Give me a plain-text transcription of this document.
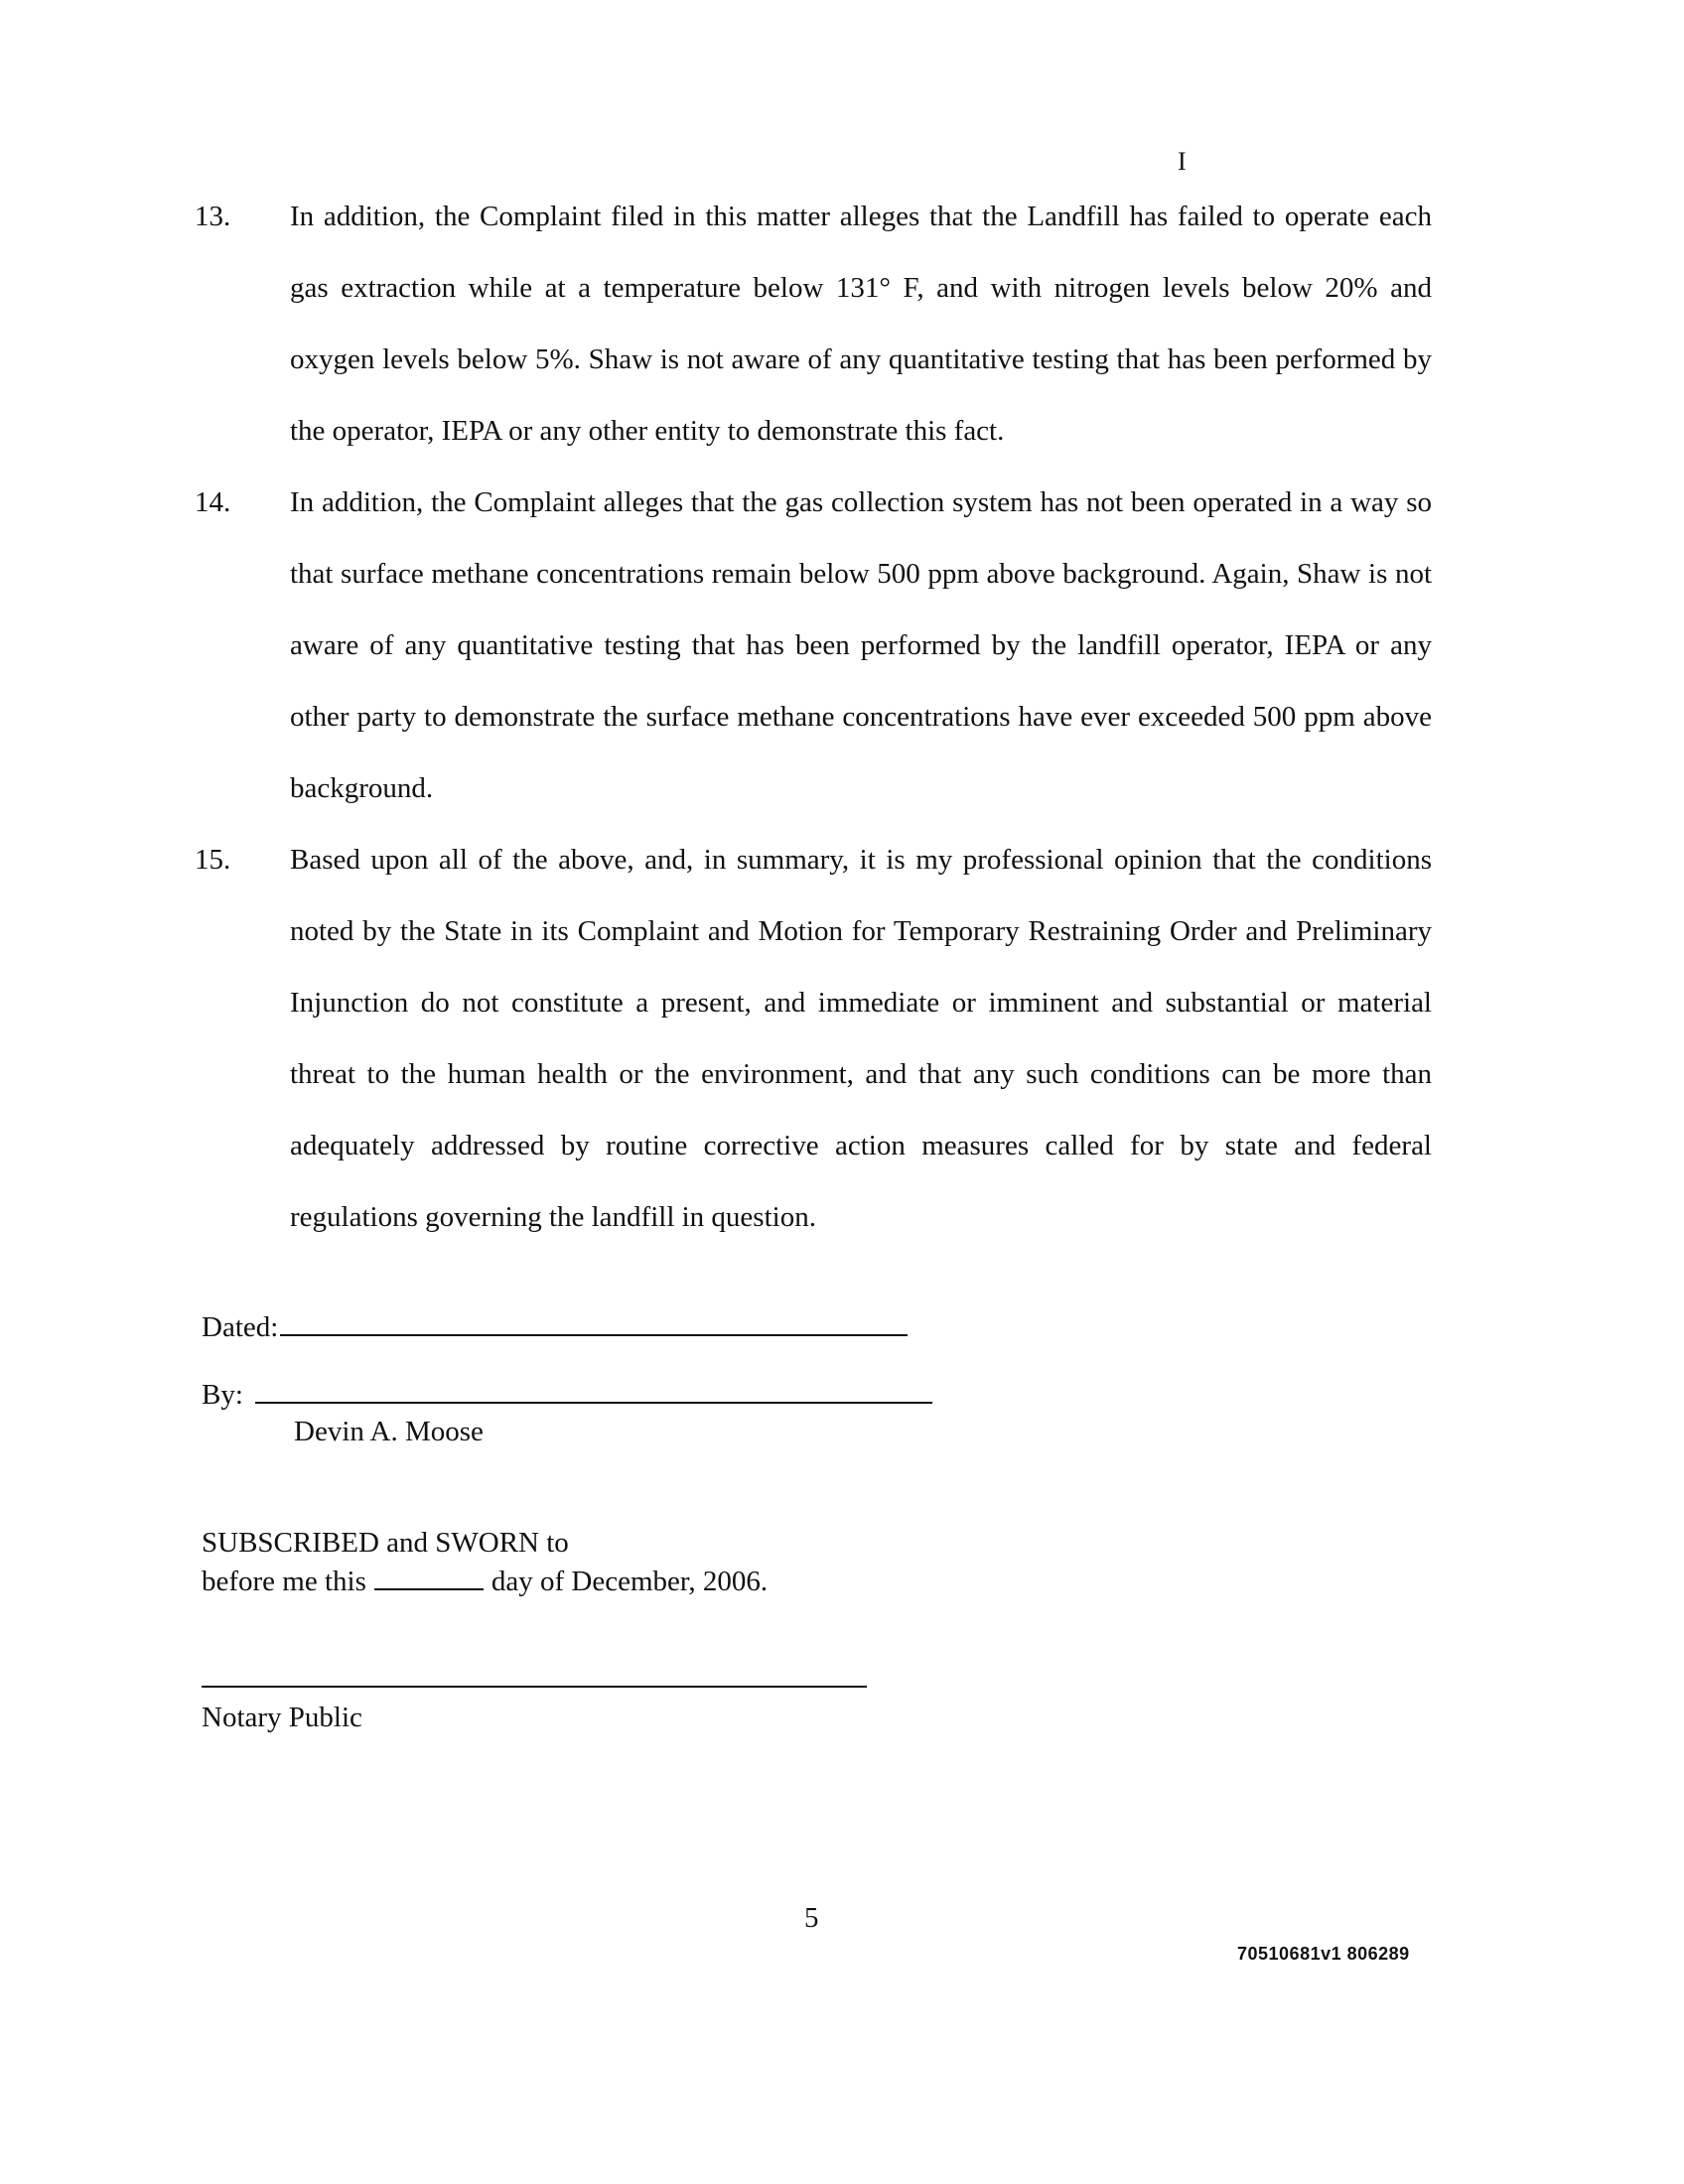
I
13.	In addition, the Complaint filed in this matter alleges that the Landfill has failed to operate each gas extraction while at a temperature below 131° F, and with nitrogen levels below 20% and oxygen levels below 5%. Shaw is not aware of any quantitative testing that has been performed by the operator, IEPA or any other entity to demonstrate this fact.
14.	In addition, the Complaint alleges that the gas collection system has not been operated in a way so that surface methane concentrations remain below 500 ppm above background. Again, Shaw is not aware of any quantitative testing that has been performed by the landfill operator, IEPA or any other party to demonstrate the surface methane concentrations have ever exceeded 500 ppm above background.
15.	Based upon all of the above, and, in summary, it is my professional opinion that the conditions noted by the State in its Complaint and Motion for Temporary Restraining Order and Preliminary Injunction do not constitute a present, and immediate or imminent and substantial or material threat to the human health or the environment, and that any such conditions can be more than adequately addressed by routine corrective action measures called for by state and federal regulations governing the landfill in question.
Dated:
By:
Devin A. Moose
SUBSCRIBED and SWORN to
before me this	day of December, 2006.
Notary Public
5
70510681v1 806289
